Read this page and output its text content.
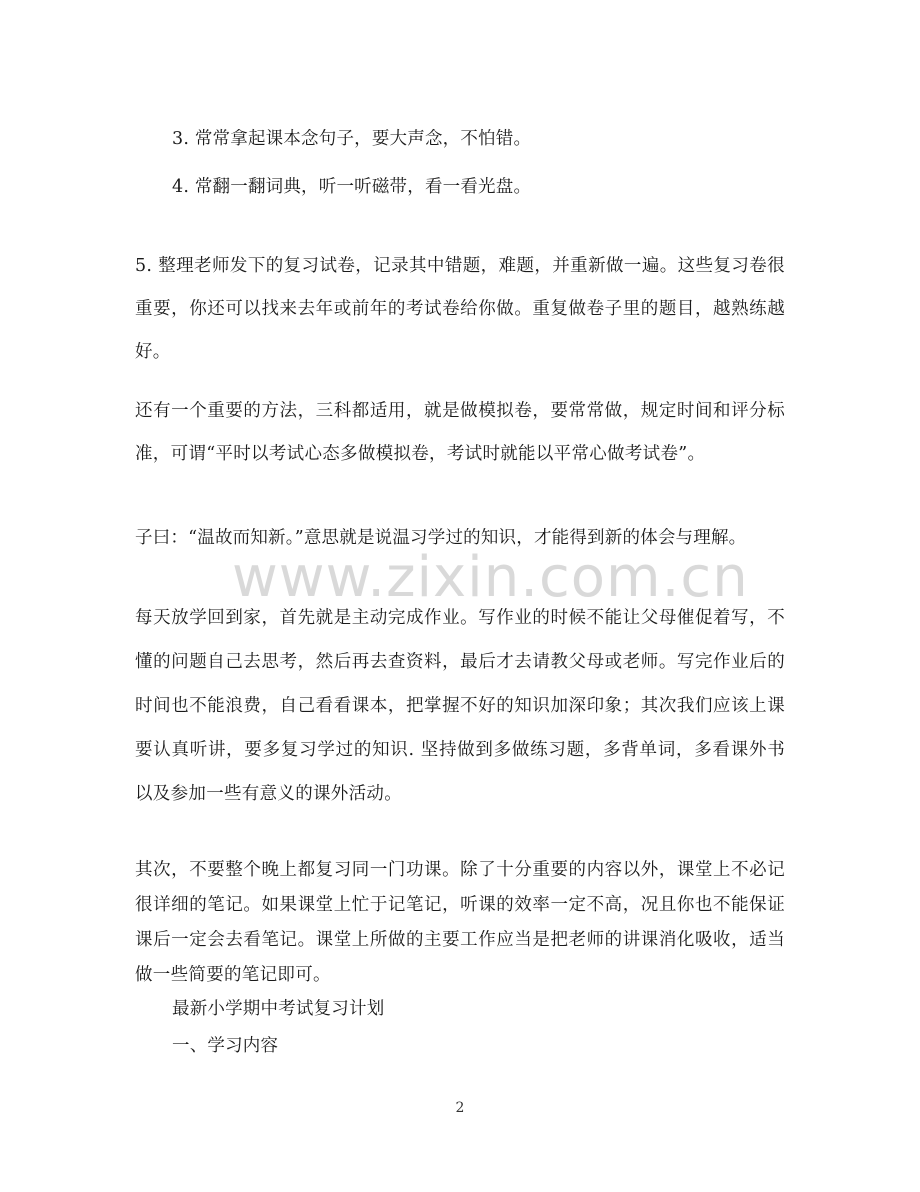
3. 常常拿起课本念句子，要大声念，不怕错。
4. 常翻一翻词典，听一听磁带，看一看光盘。
5. 整理老师发下的复习试卷，记录其中错题，难题，并重新做一遍。这些复习卷很重要，你还可以找来去年或前年的考试卷给你做。重复做卷子里的题目，越熟练越好。
还有一个重要的方法，三科都适用，就是做模拟卷，要常常做，规定时间和评分标准，可谓“平时以考试心态多做模拟卷，考试时就能以平常心做考试卷”。
子曰：“温故而知新。”意思就是说温习学过的知识，才能得到新的体会与理解。
www.zixin.com.cn
每天放学回到家，首先就是主动完成作业。写作业的时候不能让父母催促着写，不懂的问题自己去思考，然后再去查资料，最后才去请教父母或老师。写完作业后的时间也不能浪费，自己看看课本，把掌握不好的知识加深印象；其次我们应该上课要认真听讲，要多复习学过的知识. 坚持做到多做练习题，多背单词，多看课外书以及参加一些有意义的课外活动。
其次，不要整个晚上都复习同一门功课。除了十分重要的内容以外，课堂上不必记很详细的笔记。如果课堂上忙于记笔记，听课的效率一定不高，况且你也不能保证课后一定会去看笔记。课堂上所做的主要工作应当是把老师的讲课消化吸收，适当做一些简要的笔记即可。
最新小学期中考试复习计划
一、学习内容
2
